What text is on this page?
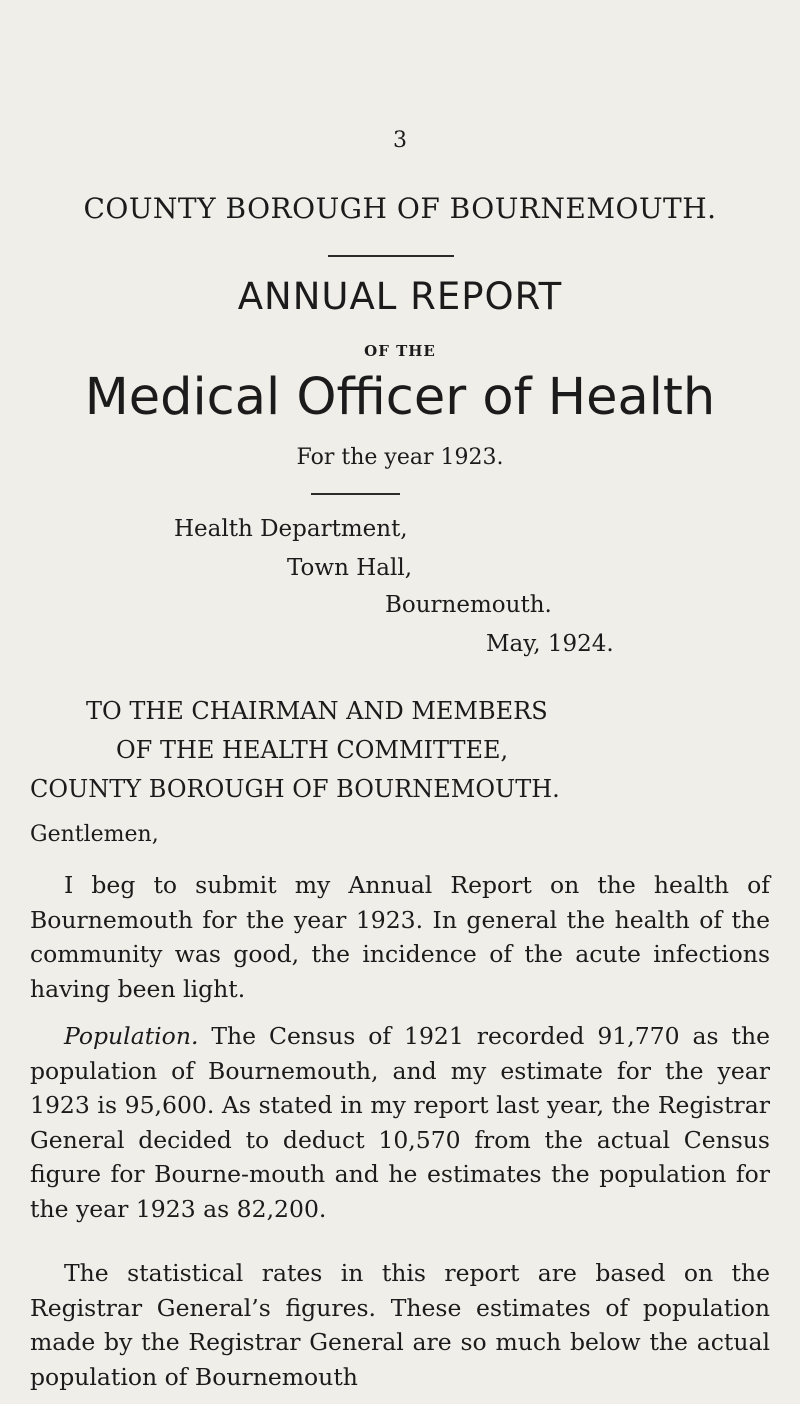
3
COUNTY BOROUGH OF BOURNEMOUTH.
ANNUAL REPORT
OF THE
Medical Officer of Health
For the year 1923.
Health Department,
Town Hall,
Bournemouth.
May, 1924.
TO THE CHAIRMAN AND MEMBERS
OF THE HEALTH COMMITTEE,
COUNTY BOROUGH OF BOURNEMOUTH.
Gentlemen,
I beg to submit my Annual Report on the health of Bournemouth for the year 1923. In general the health of the community was good, the incidence of the acute infections having been light.
Population. The Census of 1921 recorded 91,770 as the population of Bournemouth, and my estimate for the year 1923 is 95,600. As stated in my report last year, the Registrar General decided to deduct 10,570 from the actual Census figure for Bourne-mouth and he estimates the population for the year 1923 as 82,200.
The statistical rates in this report are based on the Registrar General’s figures. These estimates of population made by the Registrar General are so much below the actual population of Bournemouth
